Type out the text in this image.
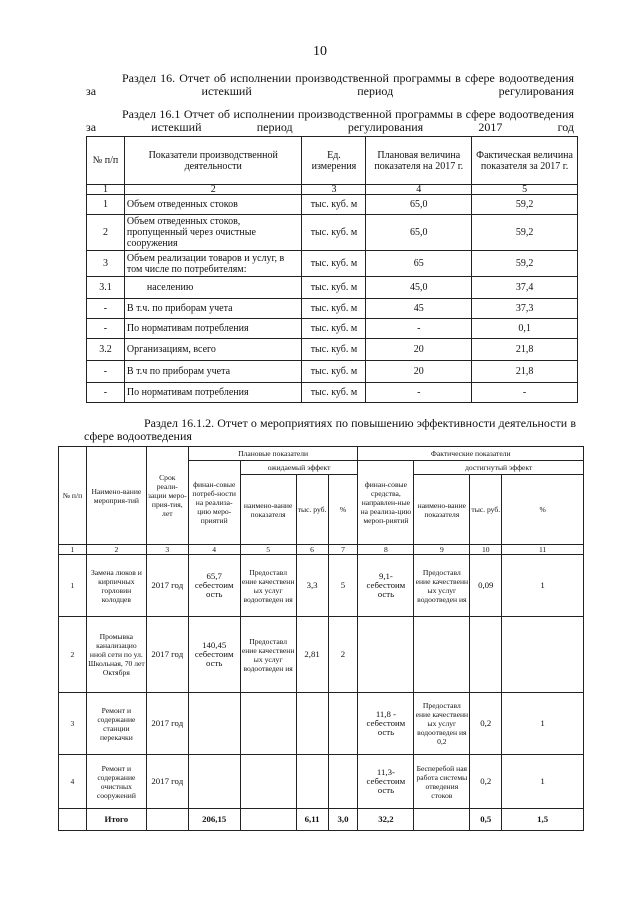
10
Раздел 16. Отчет об исполнении производственной программы в сфере водоотведения за истекший период регулирования
Раздел 16.1 Отчет об исполнении производственной программы в сфере водоотведения за истекший период регулирования 2017 год
№ п/п	Показатели производственной деятельности	Ед. измерения	Плановая величина показателя на 2017 г.	Фактическая величина показателя за 2017 г.
1	2	3	4	5
1	Объем отведенных стоков	тыс. куб. м	65,0	59,2
2	Объем отведенных стоков, пропущенный через очистные сооружения	тыс. куб. м	65,0	59,2
3	Объем реализации товаров и услуг, в том числе по потребителям:	тыс. куб. м	65	59,2
3.1	населению	тыс. куб. м	45,0	37,4
-	В т.ч. по приборам учета	тыс. куб. м	45	37,3
-	По нормативам потребления	тыс. куб. м	-	0,1
3.2	Организациям, всего	тыс. куб. м	20	21,8
-	В т.ч по приборам учета	тыс. куб. м	20	21,8
-	По нормативам потребления	тыс. куб. м	-	-
Раздел 16.1.2. Отчет о мероприятиях по повышению эффективности деятельности в сфере водоотведения
№ п/п	Наимено-вание мероприя-тий	Срок реали-зации меро-прия-тия, лет	Плановые показатели				Фактические показатели			
			финан-совые потреб-ности на реализа-цию меро-приятий	ожидаемый эффект			финан-совые средства, направлен-ные на реализа-цию мероп-риятий	достигнутый эффект		
				наимено-вание показателя	тыс. руб.	%		наимено-вание показателя	тыс. руб.	%
1	2	3	4	5	6	7	8	9	10	11
1	Замена люков и кирпичных горловин колодцев	2017 год	65,7 себестоим ость	Предоставл ение качественн ых услуг водоотведен ия	3,3	5	9,1- себестоим ость	Предоставл ение качественн ых услуг водоотведен ия	0,09	1
2	Промывка канализацио нной сети по ул. Школьная, 70 лет Октября	2017 год	140,45 себестоим ость	Предоставл ение качественн ых услуг водоотведен ия	2,81	2				
3	Ремонт и содержание станции перекачки	2017 год					11,8 - себестоим ость	Предоставл ение качественн ых услуг водоотведен ия 0,2	0,2	1
4	Ремонт и содержание очистных сооружений	2017 год					11,3- себестоим ость	Бесперебой ная работа системы отведения стоков	0,2	1
	Итого		206,15		6,11	3,0	32,2		0,5	1,5
